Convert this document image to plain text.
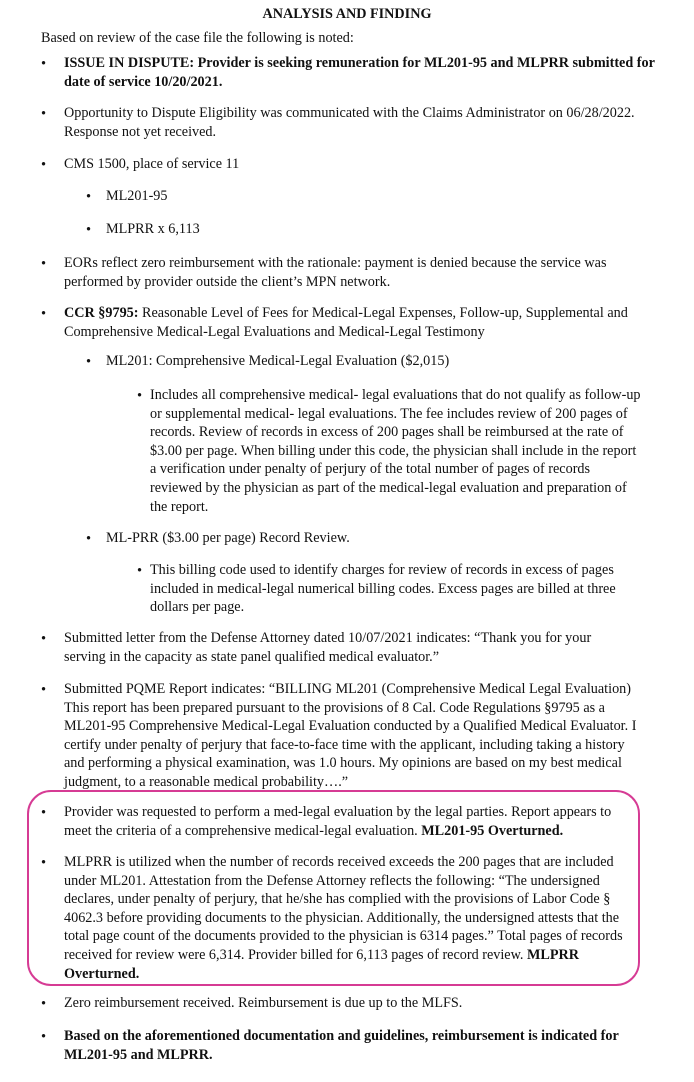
ANALYSIS AND FINDING
Based on review of the case file the following is noted:
• ISSUE IN DISPUTE: Provider is seeking remuneration for ML201-95 and MLPRR submitted for date of service 10/20/2021.
• Opportunity to Dispute Eligibility was communicated with the Claims Administrator on 06/28/2022. Response not yet received.
• CMS 1500, place of service 11
• ML201-95
• MLPRR x 6,113
• EORs reflect zero reimbursement with the rationale: payment is denied because the service was performed by provider outside the client’s MPN network.
• CCR §9795: Reasonable Level of Fees for Medical-Legal Expenses, Follow-up, Supplemental and Comprehensive Medical-Legal Evaluations and Medical-Legal Testimony
• ML201: Comprehensive Medical-Legal Evaluation ($2,015)
• Includes all comprehensive medical- legal evaluations that do not qualify as follow-up or supplemental medical- legal evaluations. The fee includes review of 200 pages of records. Review of records in excess of 200 pages shall be reimbursed at the rate of $3.00 per page. When billing under this code, the physician shall include in the report a verification under penalty of perjury of the total number of pages of records reviewed by the physician as part of the medical-legal evaluation and preparation of the report.
• ML-PRR ($3.00 per page) Record Review.
• This billing code used to identify charges for review of records in excess of pages included in medical-legal numerical billing codes. Excess pages are billed at three dollars per page.
• Submitted letter from the Defense Attorney dated 10/07/2021 indicates: “Thank you for your serving in the capacity as state panel qualified medical evaluator.”
• Submitted PQME Report indicates: “BILLING ML201 (Comprehensive Medical Legal Evaluation) This report has been prepared pursuant to the provisions of 8 Cal. Code Regulations §9795 as a ML201-95 Comprehensive Medical-Legal Evaluation conducted by a Qualified Medical Evaluator. I certify under penalty of perjury that face-to-face time with the applicant, including taking a history and performing a physical examination, was 1.0 hours. My opinions are based on my best medical judgment, to a reasonable medical probability….”
• Provider was requested to perform a med-legal evaluation by the legal parties. Report appears to meet the criteria of a comprehensive medical-legal evaluation. ML201-95 Overturned.
• MLPRR is utilized when the number of records received exceeds the 200 pages that are included under ML201. Attestation from the Defense Attorney reflects the following: “The undersigned declares, under penalty of perjury, that he/she has complied with the provisions of Labor Code § 4062.3 before providing documents to the physician. Additionally, the undersigned attests that the total page count of the documents provided to the physician is 6314 pages.” Total pages of records received for review were 6,314. Provider billed for 6,113 pages of record review. MLPRR Overturned.
• Zero reimbursement received. Reimbursement is due up to the MLFS.
• Based on the aforementioned documentation and guidelines, reimbursement is indicated for ML201-95 and MLPRR.
